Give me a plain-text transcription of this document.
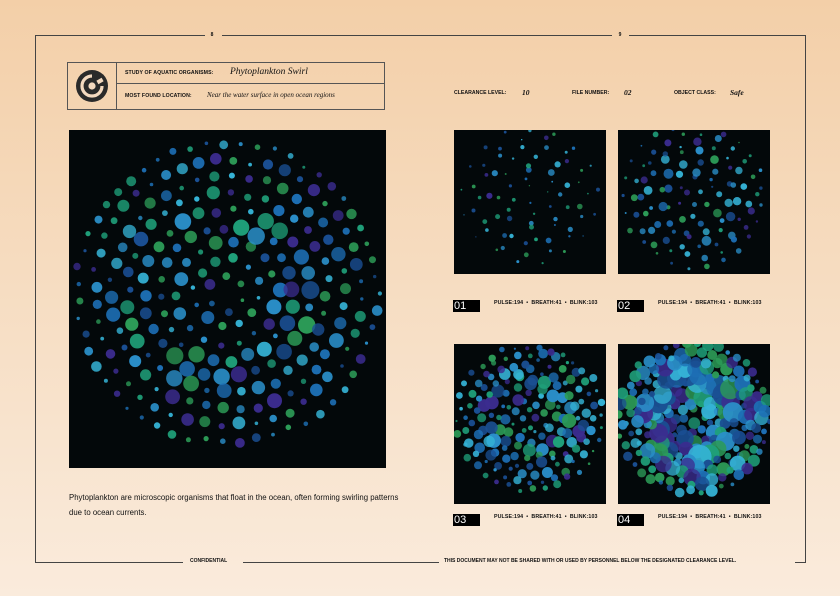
8	9
STUDY OF AQUATIC ORGANISMS: Phytoplankton Swirl
MOST FOUND LOCATION: Near the water surface in open ocean regions	CLEARANCE LEVEL: 10	FILE NUMBER: 02	OBJECT CLASS: Safe
01	PULSE:194  •  BREATH:41  •  BLINK:103 02	PULSE:194  •  BREATH:41  •  BLINK:103
03	PULSE:194  •  BREATH:41  •  BLINK:103 04	PULSE:194  •  BREATH:41  •  BLINK:103

Phytoplankton are microscopic organisms that float in the ocean, often forming swirling patterns due to ocean currents.

CONFIDENTIAL	THIS DOCUMENT MAY NOT BE SHARED WITH OR USED BY PERSONNEL BELOW THE DESIGNATED CLEARANCE LEVEL.
